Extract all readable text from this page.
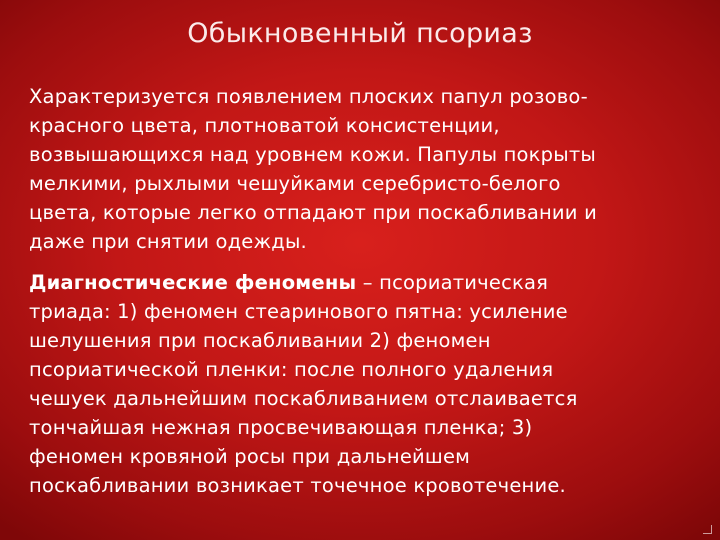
Обыкновенный псориаз

Характеризуется появлением плоских папул розово-
красного цвета, плотноватой консистенции,
возвышающихся над уровнем кожи. Папулы покрыты
мелкими, рыхлыми чешуйками серебристо-белого
цвета, которые легко отпадают при поскабливании и
даже при снятии одежды.

Диагностические феномены – псориатическая
триада: 1) феномен стеаринового пятна: усиление
шелушения при поскабливании 2) феномен
псориатической пленки: после полного удаления
чешуек дальнейшим поскабливанием отслаивается
тончайшая нежная просвечивающая пленка; 3)
феномен кровяной росы при дальнейшем
поскабливании возникает точечное кровотечение.
